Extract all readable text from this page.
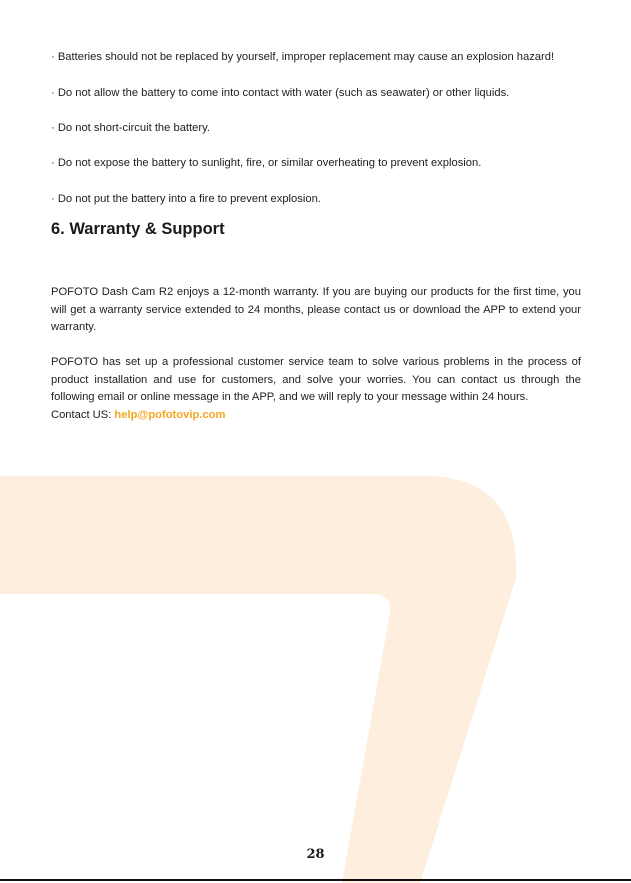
· Batteries should not be replaced by yourself, improper replacement may cause an explosion hazard!
· Do not allow the battery to come into contact with water (such as seawater) or other liquids.
· Do not short-circuit the battery.
· Do not expose the battery to sunlight, fire, or similar overheating to prevent explosion.
· Do not put the battery into a fire to prevent explosion.
6. Warranty & Support

POFOTO Dash Cam R2 enjoys a 12-month warranty. If you are buying our products for the first time, you will get a warranty service extended to 24 months, please contact us or download the APP to extend your warranty.

POFOTO has set up a professional customer service team to solve various problems in the process of product installation and use for customers, and solve your worries. You can contact us through the following email or online message in the APP, and we will reply to your message within 24 hours.
Contact US: help@pofotovip.com

28
